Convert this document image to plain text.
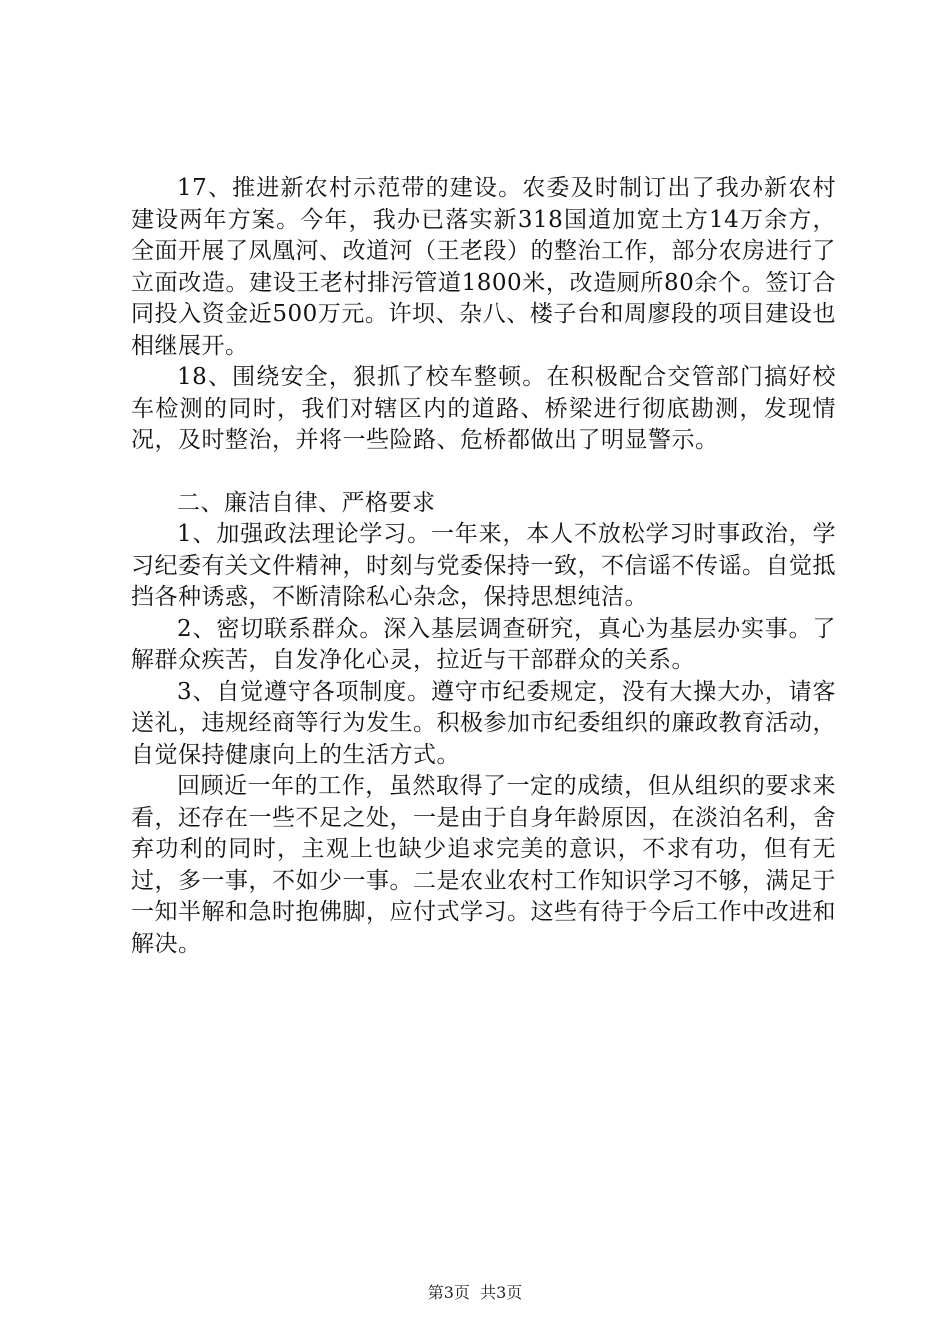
17、推进新农村示范带的建设。农委及时制订出了我办新农村建设两年方案。今年，我办已落实新318国道加宽土方14万余方，全面开展了凤凰河、改道河（王老段）的整治工作，部分农房进行了立面改造。建设王老村排污管道1800米，改造厕所80余个。签订合同投入资金近500万元。许坝、杂八、楼子台和周廖段的项目建设也相继展开。

18、围绕安全，狠抓了校车整顿。在积极配合交管部门搞好校车检测的同时，我们对辖区内的道路、桥梁进行彻底勘测，发现情况，及时整治，并将一些险路、危桥都做出了明显警示。

二、廉洁自律、严格要求

1、加强政法理论学习。一年来，本人不放松学习时事政治，学习纪委有关文件精神，时刻与党委保持一致，不信谣不传谣。自觉抵挡各种诱惑，不断清除私心杂念，保持思想纯洁。

2、密切联系群众。深入基层调查研究，真心为基层办实事。了解群众疾苦，自发净化心灵，拉近与干部群众的关系。

3、自觉遵守各项制度。遵守市纪委规定，没有大操大办，请客送礼，违规经商等行为发生。积极参加市纪委组织的廉政教育活动，自觉保持健康向上的生活方式。

回顾近一年的工作，虽然取得了一定的成绩，但从组织的要求来看，还存在一些不足之处，一是由于自身年龄原因，在淡泊名利，舍弃功利的同时，主观上也缺少追求完美的意识，不求有功，但有无过，多一事，不如少一事。二是农业农村工作知识学习不够，满足于一知半解和急时抱佛脚，应付式学习。这些有待于今后工作中改进和解决。

第3页  共3页
